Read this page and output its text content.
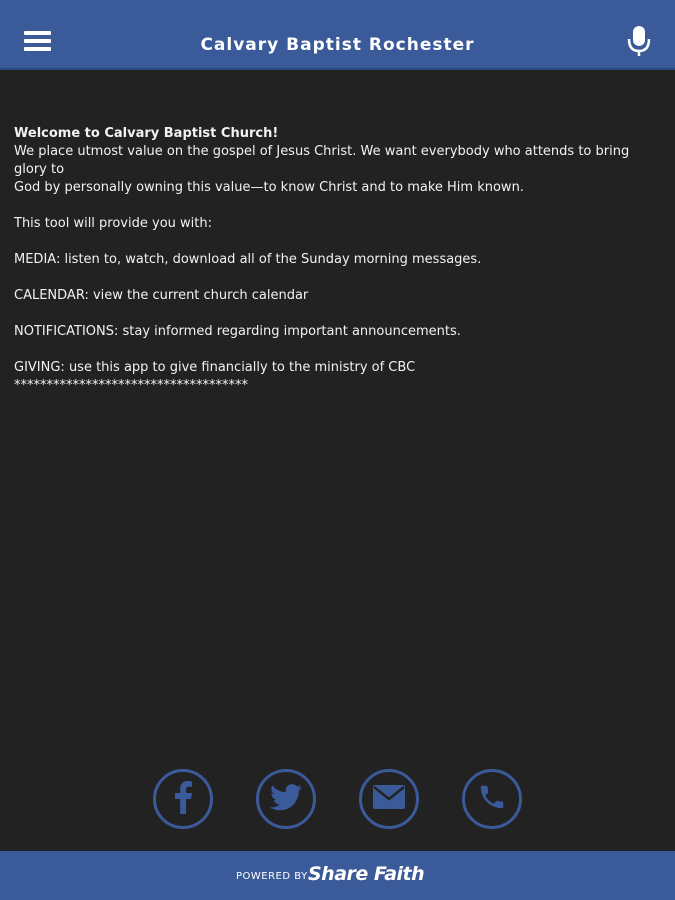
Calvary Baptist Rochester

Welcome to Calvary Baptist Church!

We place utmost value on the gospel of Jesus Christ. We want everybody who attends to bring glory to

God by personally owning this value—to know Christ and to make Him known.

This tool will provide you with:

MEDIA: listen to, watch, download all of the Sunday morning messages.

CALENDAR: view the current church calendar

NOTIFICATIONS: stay informed regarding important announcements.

GIVING: use this app to give financially to the ministry of CBC

************************************

POWERED BY Share Faith
